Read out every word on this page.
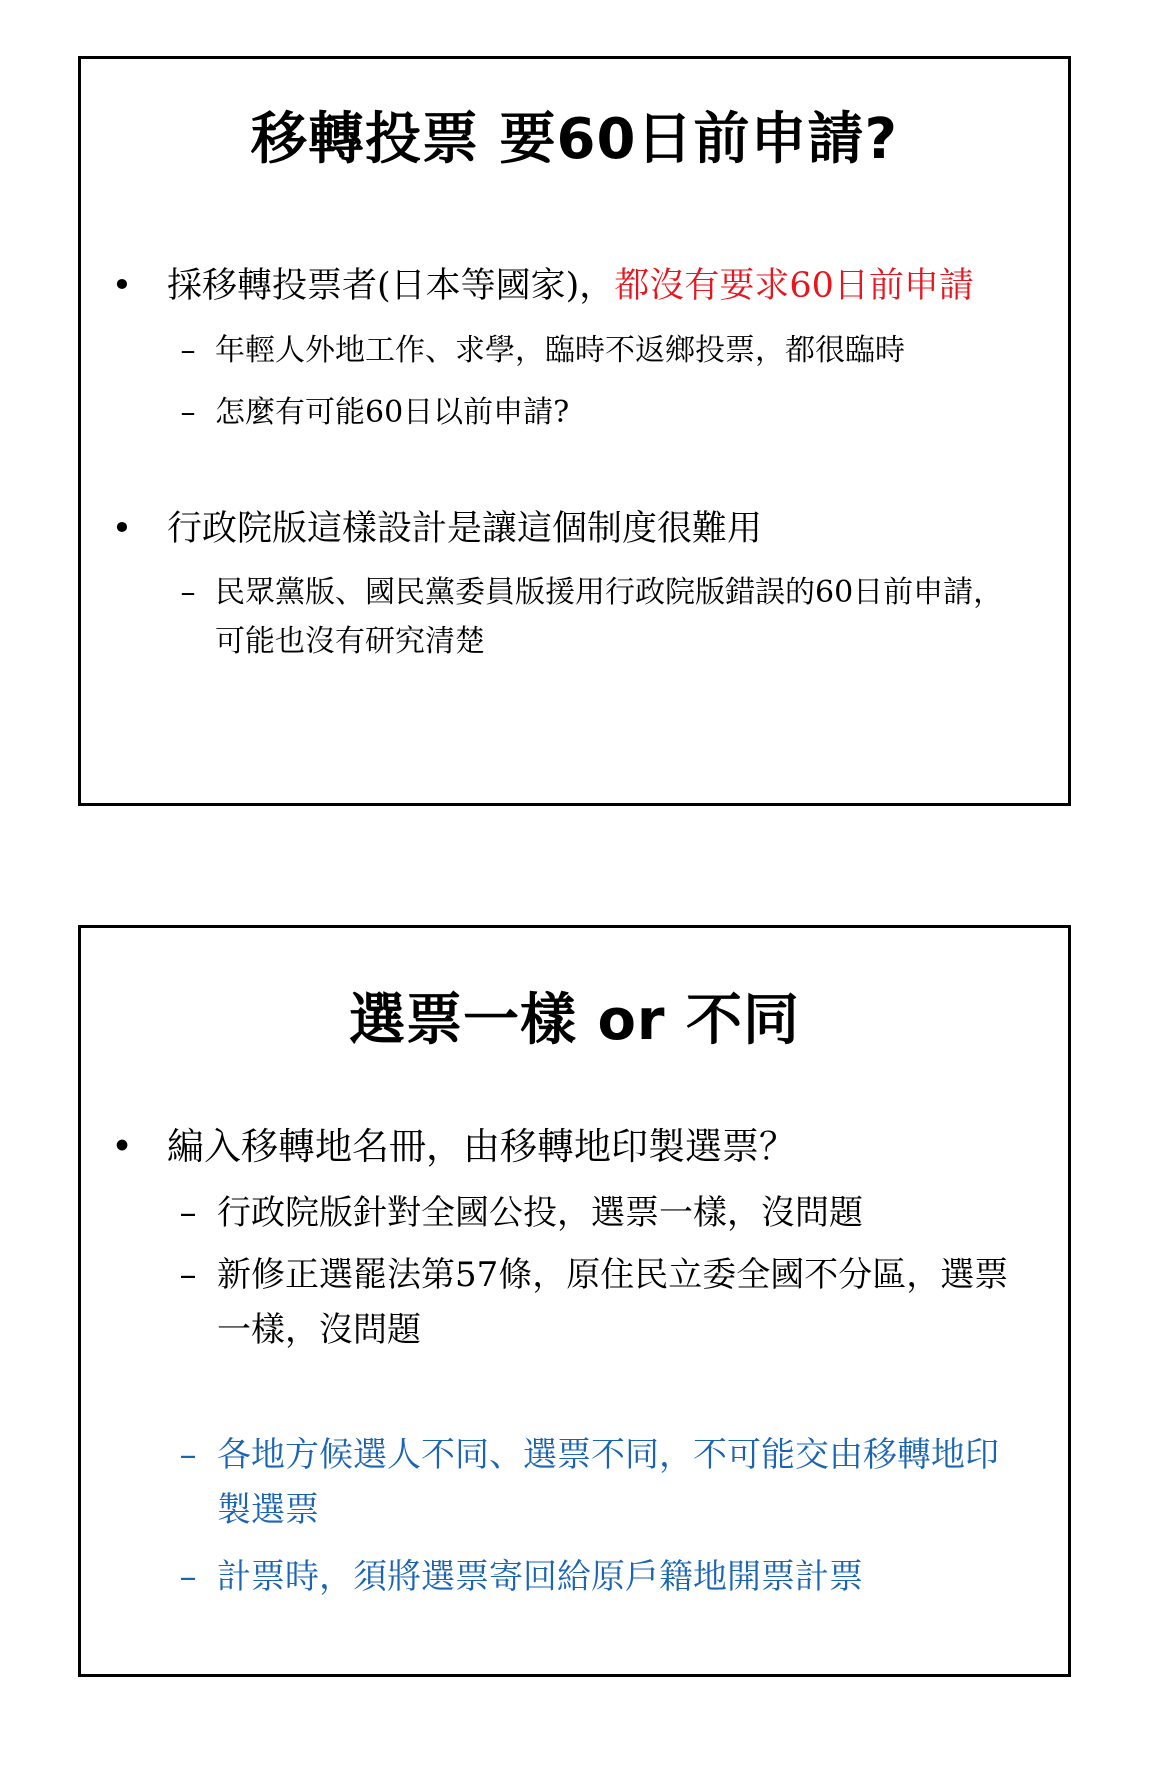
移轉投票 要60日前申請?
• 採移轉投票者(日本等國家)，都沒有要求60日前申請
– 年輕人外地工作、求學，臨時不返鄉投票，都很臨時
– 怎麼有可能60日以前申請?
• 行政院版這樣設計是讓這個制度很難用
– 民眾黨版、國民黨委員版援用行政院版錯誤的60日前申請，可能也沒有研究清楚
選票一樣 or 不同
• 編入移轉地名冊，由移轉地印製選票？
– 行政院版針對全國公投，選票一樣，沒問題
– 新修正選罷法第57條，原住民立委全國不分區，選票一樣，沒問題
– 各地方候選人不同、選票不同，不可能交由移轉地印製選票
– 計票時，須將選票寄回給原戶籍地開票計票
